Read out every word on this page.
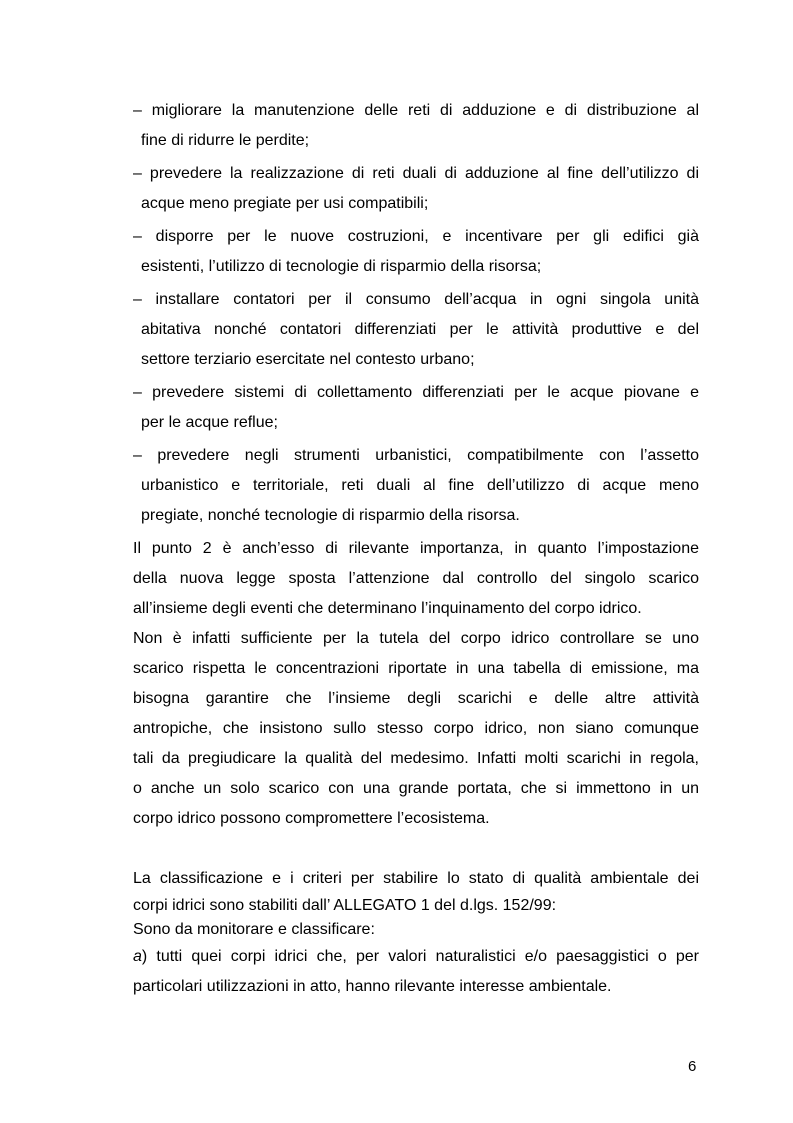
– migliorare la manutenzione delle reti di adduzione e di distribuzione al
fine di ridurre le perdite;
– prevedere la realizzazione di reti duali di adduzione al fine dell’utilizzo di
acque meno pregiate per usi compatibili;
– disporre per le nuove costruzioni, e incentivare per gli edifici già
esistenti, l’utilizzo di tecnologie di risparmio della risorsa;
– installare contatori per il consumo dell’acqua in ogni singola unità
abitativa nonché contatori differenziati per le attività produttive e del
settore terziario esercitate nel contesto urbano;
– prevedere sistemi di collettamento differenziati per le acque piovane e
per le acque reflue;
– prevedere negli strumenti urbanistici, compatibilmente con l’assetto
urbanistico e territoriale, reti duali al fine dell’utilizzo di acque meno
pregiate, nonché tecnologie di risparmio della risorsa.
Il punto 2 è anch’esso di rilevante importanza, in quanto l’impostazione
della nuova legge sposta l’attenzione dal controllo del singolo scarico
all’insieme degli eventi che determinano l’inquinamento del corpo idrico.
Non è infatti sufficiente per la tutela del corpo idrico controllare se uno
scarico rispetta le concentrazioni riportate in una tabella di emissione, ma
bisogna garantire che l’insieme degli scarichi e delle altre attività
antropiche, che insistono sullo stesso corpo idrico, non siano comunque
tali da pregiudicare la qualità del medesimo. Infatti molti scarichi in regola,
o anche un solo scarico con una grande portata, che si immettono in un
corpo idrico possono compromettere l’ecosistema.
La classificazione e i criteri per stabilire lo stato di qualità ambientale dei
corpi idrici sono stabiliti dall’ ALLEGATO 1 del d.lgs. 152/99:
Sono da monitorare e classificare:
a) tutti quei corpi idrici che, per valori naturalistici e/o paesaggistici o per
particolari utilizzazioni in atto, hanno rilevante interesse ambientale.
6
